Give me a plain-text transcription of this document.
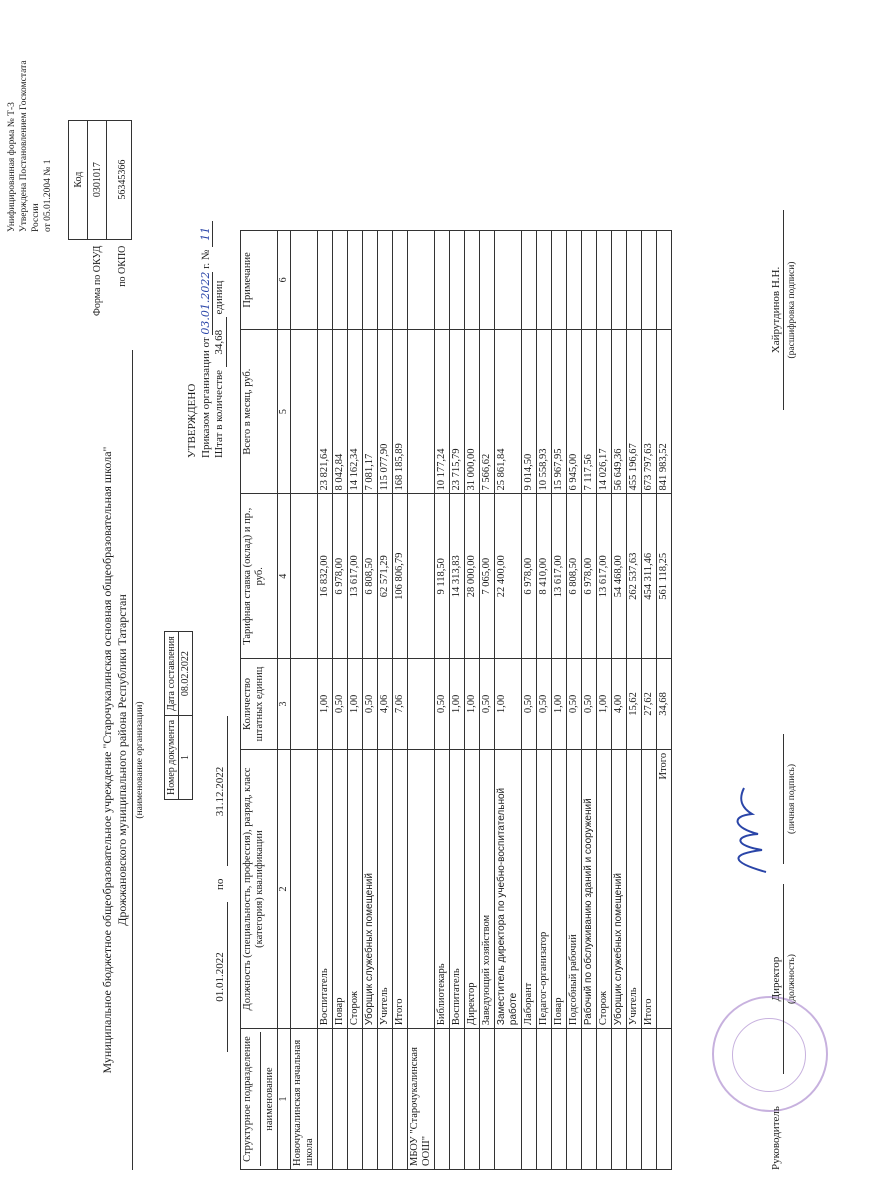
Унифицированная форма № Т-3 Утверждена Постановлением Госкомстата России от 05.01.2004 № 1
	Код
Форма по ОКУД	0301017
по ОКПО	56345366
Муниципальное бюджетное общеобразовательное учреждение "Старочукалинская основная общеобразовательная школа" Дрожжановского муниципального района Республики Татарстан (наименование организации) Номер документа	Дата составления
1	08.02.2022
01.01.2022 по 31.12.2022
УТВЕРЖДЕНО Приказом организации от 03.01.2022 г. № 11
Штат в количестве 34,68 единиц
Структурное подразделение наименование	Должность (специальность, профессия), разряд, класс (категория) квалификации	Количество штатных единиц	Тарифная ставка (оклад) и пр., руб.	Всего в месяц, руб.	Примечание
1	2	3	4	5	6
Новочукалинская начальная школа					
	Воспитатель	1,00	16 832,00	23 821,64	
	Повар	0,50	6 978,00	8 042,84	
	Сторож	1,00	13 617,00	14 162,34	
	Уборщик служебных помещений	0,50	6 808,50	7 081,17	
	Учитель	4,06	62 571,29	115 077,90	
	Итого	7,06	106 806,79	168 185,89	
МБОУ "Старочукалинская ООШ"					
	Библиотекарь	0,50	9 118,50	10 177,24	
	Воспитатель	1,00	14 313,83	23 715,79	
	Директор	1,00	28 000,00	31 000,00	
	Заведующий хозяйством	0,50	7 065,00	7 566,62	
	Заместитель директора по учебно-воспитательной работе	1,00	22 400,00	25 861,84	
	Лаборант	0,50	6 978,00	9 014,50	
	Педагог-организатор	0,50	8 410,00	10 558,93	
	Повар	1,00	13 617,00	15 967,95	
	Подсобный рабочий	0,50	6 808,50	6 945,00	
	Рабочий по обслуживанию зданий и сооружений	0,50	6 978,00	7 117,56	
	Сторож	1,00	13 617,00	14 026,17	
	Уборщик служебных помещений	4,00	54 468,00	56 649,36	
	Учитель	15,62	262 537,63	455 196,67	
	Итого	27,62	454 311,46	673 797,63	
	Итого	34,68	561 118,25	841 983,52	
Руководитель
Директор (должность)
(личная подпись)
Хайрутдинов Н.Н. (расшифровка подписи)
